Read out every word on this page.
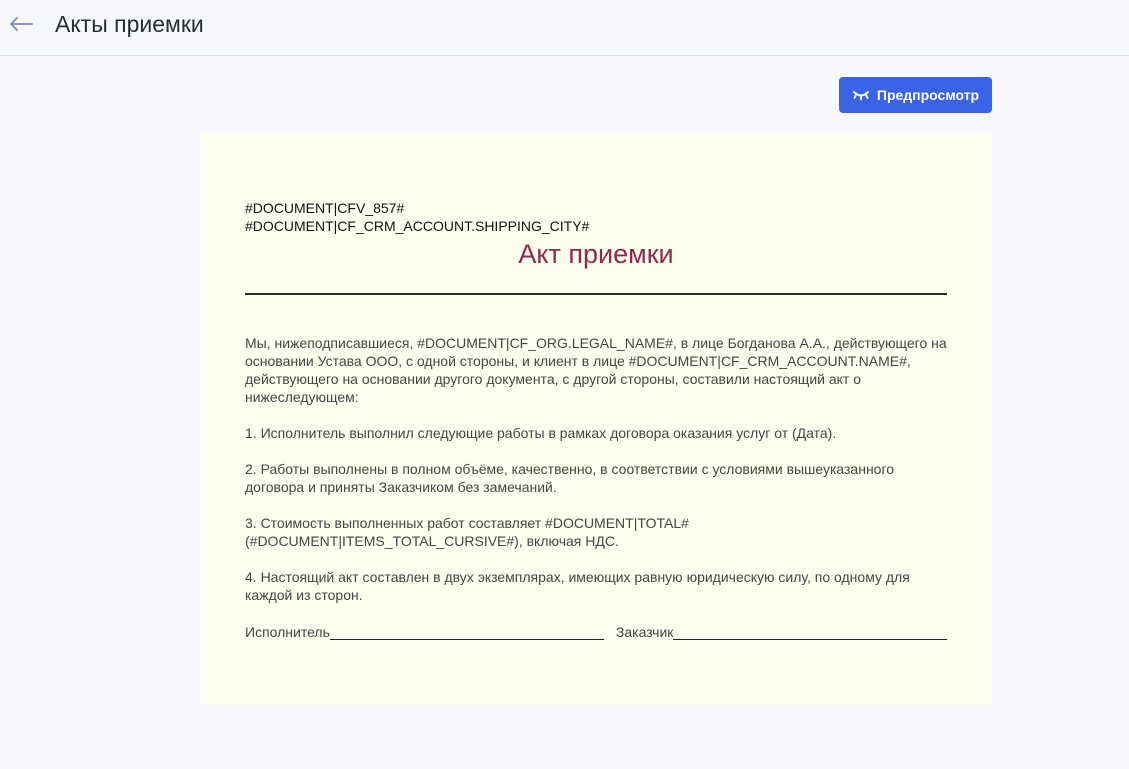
Акты приемки
Предпросмотр

#DOCUMENT|CFV_857#

#DOCUMENT|CF_CRM_ACCOUNT.SHIPPING_CITY#

Акт приемки

Мы, нижеподписавшиеся, #DOCUMENT|CF_ORG.LEGAL_NAME#, в лице Богданова А.А., действующего на

основании Устава ООО, с одной стороны, и клиент в лице #DOCUMENT|CF_CRM_ACCOUNT.NAME#,

действующего на основании другого документа, с другой стороны, составили настоящий акт о

нижеследующем:

1. Исполнитель выполнил следующие работы в рамках договора оказания услуг от (Дата).

2. Работы выполнены в полном объёме, качественно, в соответствии с условиями вышеуказанного

договора и приняты Заказчиком без замечаний.

3. Стоимость выполненных работ составляет #DOCUMENT|TOTAL#

(#DOCUMENT|ITEMS_TOTAL_CURSIVE#), включая НДС.

4. Настоящий акт составлен в двух экземплярах, имеющих равную юридическую силу, по одному для

каждой из сторон.

Исполнитель	Заказчик
